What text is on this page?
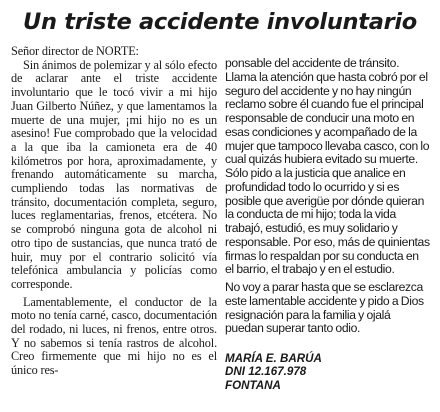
Un triste accidente involuntario

Señor director de NORTE:

Sin ánimos de polemizar y al sólo efecto de aclarar ante el triste accidente involuntario que le tocó vivir a mi hijo Juan Gilberto Núñez, y que lamentamos la muerte de una mujer, ¡mi hijo no es un asesino! Fue comprobado que la velocidad a la que iba la camioneta era de 40 kilómetros por hora, aproximadamente, y frenando automáticamente su marcha, cumpliendo todas las normativas de tránsito, documentación completa, seguro, luces reglamentarias, frenos, etcétera. No se comprobó ninguna gota de alcohol ni otro tipo de sustancias, que nunca trató de huir, muy por el contrario solicitó vía telefónica ambulancia y policías como corresponde.

Lamentablemente, el conductor de la moto no tenía carné, casco, documentación del rodado, ni luces, ni frenos, entre otros. Y no sabemos si tenía rastros de alcohol. Creo firmemente que mi hijo no es el único res-

ponsable del accidente de tránsito.

Llama la atención que hasta cobró por el seguro del accidente y no hay ningún reclamo sobre él cuando fue el principal responsable de conducir una moto en esas condiciones y acompañado de la mujer que tampoco llevaba casco, con lo cual quizás hubiera evitado su muerte.

Sólo pido a la justicia que analice en profundidad todo lo ocurrido y si es posible que averigüe por dónde quieran la conducta de mi hijo; toda la vida trabajó, estudió, es muy solidario y responsable. Por eso, más de quinientas firmas lo respaldan por su conducta en el barrio, el trabajo y en el estudio.

No voy a parar hasta que se esclarezca este lamentable accidente y pido a Dios resignación para la familia y ojalá puedan superar tanto odio.

MARÍA E. BARÚA
DNI 12.167.978
FONTANA
